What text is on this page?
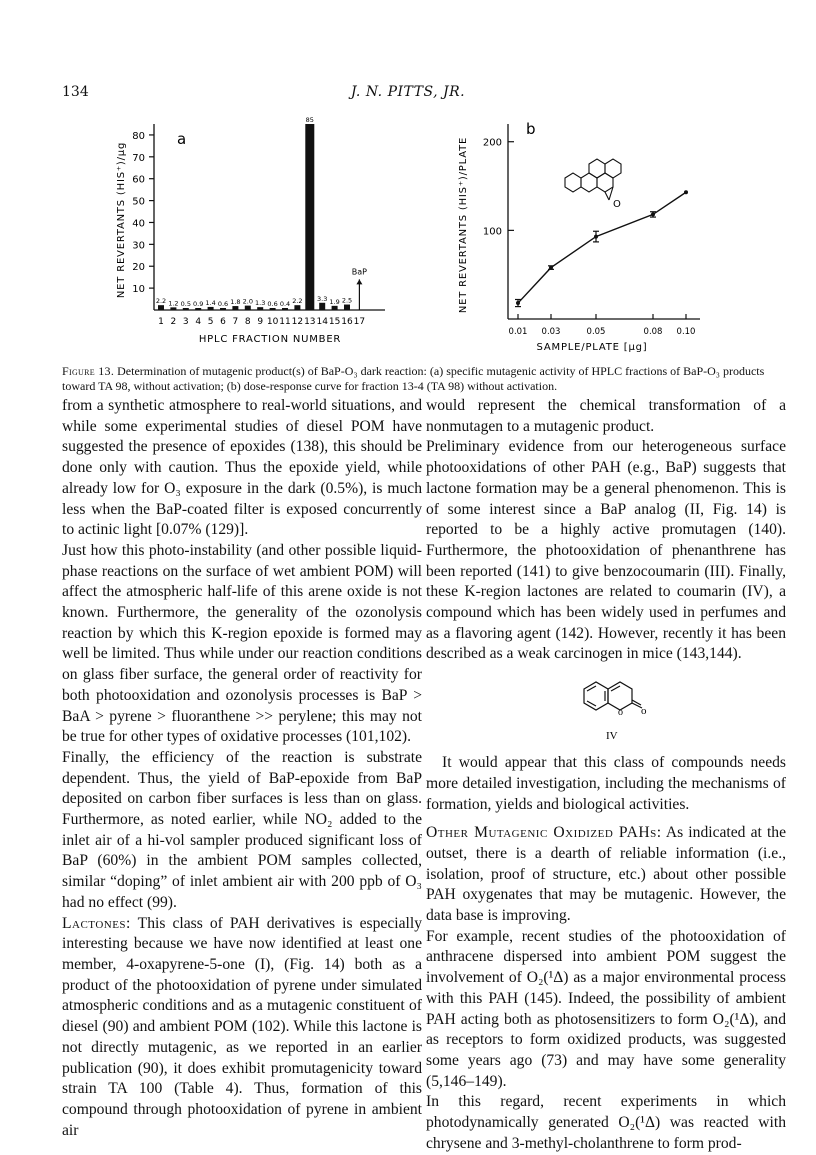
134	J. N. PITTS, JR.
a
NET REVERTANTS (HIS⁺)/μg
HPLC FRACTION NUMBER
10
20
30
40
50
60
70
80
2.2
1
1.2
2
0.5
3
0.9
4
1.4
5
0.6
6
1.8
7
2.0
8
1.3
9
0.6
10
0.4
11
2.2
12
85
13
3.3
14
1.9
15
2.5
16
BaP
17
b
NET REVERTANTS (HIS⁺)/PLATE
SAMPLE/PLATE [μg]
100
200
0.01 0.03	0.05	0.08 0.10
O
Figure 13. Determination of mutagenic product(s) of BaP-O₃ dark reaction: (a) specific mutagenic activity of HPLC fractions of BaP-O₃ products toward TA 98, without activation; (b) dose-response curve for fraction 13-4 (TA 98) without activation.

from a synthetic atmosphere to real-world situations, and while some experimental studies of diesel POM have suggested the presence of epoxides (138), this should be done only with caution. Thus the epoxide yield, while already low for O₃ exposure in the dark (0.5%), is much less when the BaP-coated filter is exposed concurrently to actinic light [0.07% (129)].

Just how this photo-instability (and other possible liquid-phase reactions on the surface of wet ambient POM) will affect the atmospheric half-life of this arene oxide is not known. Furthermore, the generality of the ozonolysis reaction by which this K-region epoxide is formed may well be limited. Thus while under our reaction conditions on glass fiber surface, the general order of reactivity for both photooxidation and ozonolysis processes is BaP > BaA > pyrene > fluoranthene >> perylene; this may not be true for other types of oxidative processes (101,102).

Finally, the efficiency of the reaction is substrate dependent. Thus, the yield of BaP-epoxide from BaP deposited on carbon fiber surfaces is less than on glass. Furthermore, as noted earlier, while NO₂ added to the inlet air of a hi-vol sampler produced significant loss of BaP (60%) in the ambient POM samples collected, similar “doping” of inlet ambient air with 200 ppb of O₃ had no effect (99).

Lactones: This class of PAH derivatives is especially interesting because we have now identified at least one member, 4-oxapyrene-5-one (I), (Fig. 14) both as a product of the photooxidation of pyrene under simulated atmospheric conditions and as a mutagenic constituent of diesel (90) and ambient POM (102). While this lactone is not directly mutagenic, as we reported in an earlier publication (90), it does exhibit promutagenicity toward strain TA 100 (Table 4). Thus, formation of this compound through photooxidation of pyrene in ambient air

would represent the chemical transformation of a nonmutagen to a mutagenic product.

Preliminary evidence from our heterogeneous surface photooxidations of other PAH (e.g., BaP) suggests that lactone formation may be a general phenomenon. This is of some interest since a BaP analog (II, Fig. 14) is reported to be a highly active promutagen (140). Furthermore, the photooxidation of phenanthrene has been reported (141) to give benzocoumarin (III). Finally, these K-region lactones are related to coumarin (IV), a compound which has been widely used in perfumes and as a flavoring agent (142). However, recently it has been described as a weak carcinogen in mice (143,144).

o o
IV

It would appear that this class of compounds needs more detailed investigation, including the mechanisms of formation, yields and biological activities.

Other Mutagenic Oxidized PAHs: As indicated at the outset, there is a dearth of reliable information (i.e., isolation, proof of structure, etc.) about other possible PAH oxygenates that may be mutagenic. However, the data base is improving.

For example, recent studies of the photooxidation of anthracene dispersed into ambient POM suggest the involvement of O₂(¹Δ) as a major environmental process with this PAH (145). Indeed, the possibility of ambient PAH acting both as photosensitizers to form O₂(¹Δ), and as receptors to form oxidized products, was suggested some years ago (73) and may have some generality (5,146–149).

In this regard, recent experiments in which photodynamically generated O₂(¹Δ) was reacted with chrysene and 3-methyl-cholanthrene to form prod-
